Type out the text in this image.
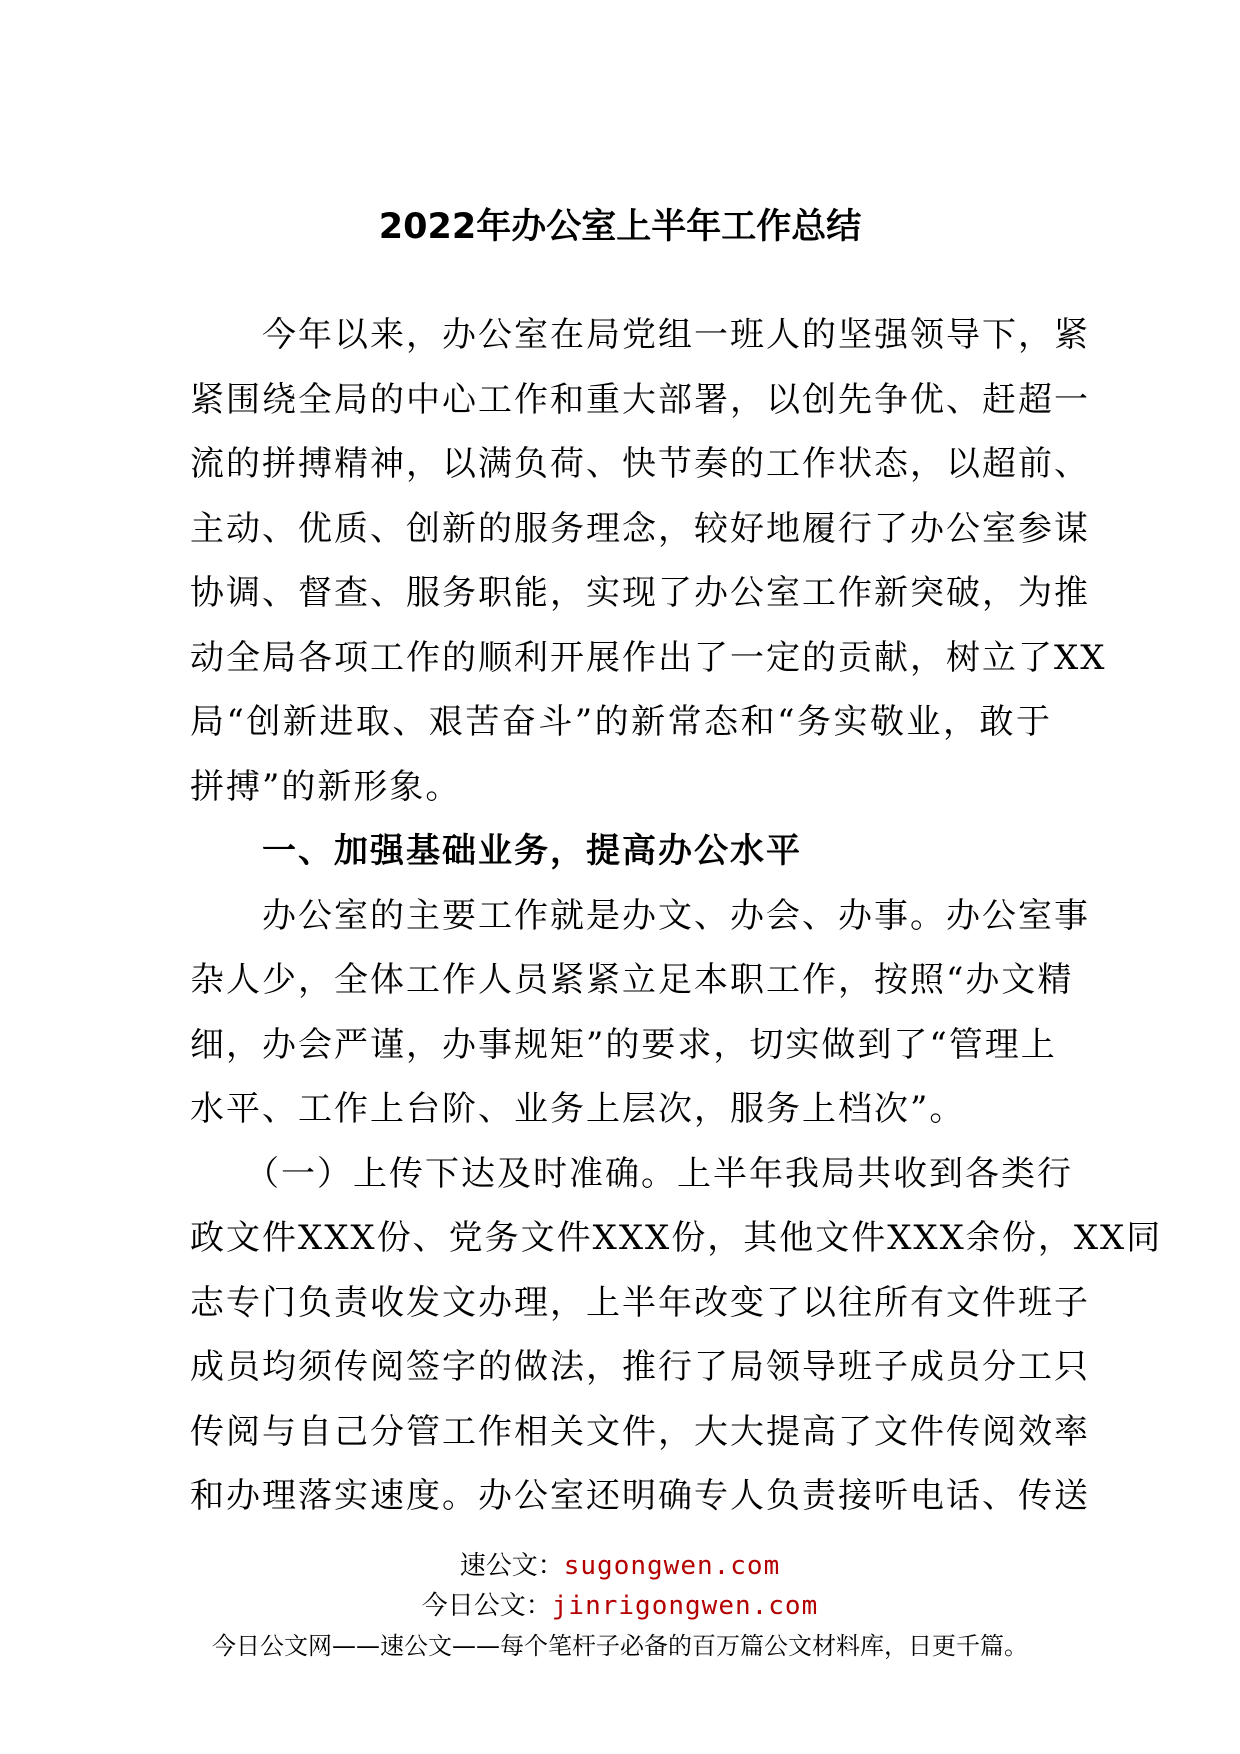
2022年办公室上半年工作总结
　　今年以来，办公室在局党组一班人的坚强领导下，紧
紧围绕全局的中心工作和重大部署，以创先争优、赶超一
流的拼搏精神，以满负荷、快节奏的工作状态，以超前、
主动、优质、创新的服务理念，较好地履行了办公室参谋
协调、督查、服务职能，实现了办公室工作新突破，为推
动全局各项工作的顺利开展作出了一定的贡献，树立了XX
局“创新进取、艰苦奋斗”的新常态和“务实敬业，敢于
拼搏”的新形象。
　　一、加强基础业务，提高办公水平
　　办公室的主要工作就是办文、办会、办事。办公室事
杂人少，全体工作人员紧紧立足本职工作，按照“办文精
细，办会严谨，办事规矩”的要求，切实做到了“管理上
水平、工作上台阶、业务上层次，服务上档次”。
　　（一）上传下达及时准确。上半年我局共收到各类行
政文件XXX份、党务文件XXX份，其他文件XXX余份，XX同
志专门负责收发文办理，上半年改变了以往所有文件班子
成员均须传阅签字的做法，推行了局领导班子成员分工只
传阅与自己分管工作相关文件，大大提高了文件传阅效率
和办理落实速度。办公室还明确专人负责接听电话、传送
速公文：sugongwen.com
今日公文：jinrigongwen.com
今日公文网——速公文——每个笔杆子必备的百万篇公文材料库，日更千篇。
